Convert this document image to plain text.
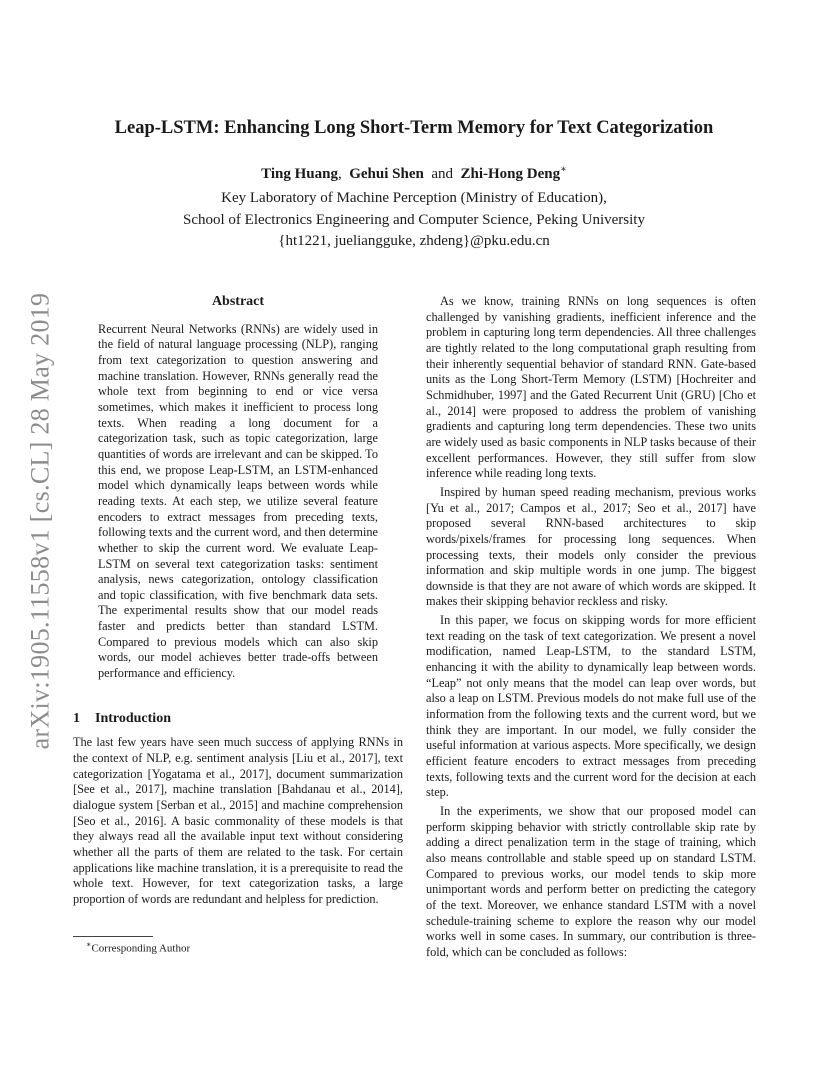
arXiv:1905.11558v1 [cs.CL] 28 May 2019
Leap-LSTM: Enhancing Long Short-Term Memory for Text Categorization
Ting Huang, Gehui Shen and Zhi-Hong Deng∗
Key Laboratory of Machine Perception (Ministry of Education),
School of Electronics Engineering and Computer Science, Peking University
{ht1221, juelianggukе, zhdeng}@pku.edu.cn
Abstract

Recurrent Neural Networks (RNNs) are widely used in the field of natural language processing (NLP), ranging from text categorization to question answering and machine translation. However, RNNs generally read the whole text from beginning to end or vice versa sometimes, which makes it inefficient to process long texts. When reading a long document for a categorization task, such as topic categorization, large quantities of words are irrelevant and can be skipped. To this end, we propose Leap-LSTM, an LSTM-enhanced model which dynamically leaps between words while reading texts. At each step, we utilize several feature encoders to extract messages from preceding texts, following texts and the current word, and then determine whether to skip the current word. We evaluate Leap-LSTM on several text categorization tasks: sentiment analysis, news categorization, ontology classification and topic classification, with five benchmark data sets. The experimental results show that our model reads faster and predicts better than standard LSTM. Compared to previous models which can also skip words, our model achieves better trade-offs between performance and efficiency.

1 Introduction

The last few years have seen much success of applying RNNs in the context of NLP, e.g. sentiment analysis [Liu et al., 2017], text categorization [Yogatama et al., 2017], document summarization [See et al., 2017], machine translation [Bahdanau et al., 2014], dialogue system [Serban et al., 2015] and machine comprehension [Seo et al., 2016]. A basic commonality of these models is that they always read all the available input text without considering whether all the parts of them are related to the task. For certain applications like machine translation, it is a prerequisite to read the whole text. However, for text categorization tasks, a large proportion of words are redundant and helpless for prediction.

As we know, training RNNs on long sequences is often challenged by vanishing gradients, inefficient inference and the problem in capturing long term dependencies. All three challenges are tightly related to the long computational graph resulting from their inherently sequential behavior of standard RNN. Gate-based units as the Long Short-Term Memory (LSTM) [Hochreiter and Schmidhuber, 1997] and the Gated Recurrent Unit (GRU) [Cho et al., 2014] were proposed to address the problem of vanishing gradients and capturing long term dependencies. These two units are widely used as basic components in NLP tasks because of their excellent performances. However, they still suffer from slow inference while reading long texts.

Inspired by human speed reading mechanism, previous works [Yu et al., 2017; Campos et al., 2017; Seo et al., 2017] have proposed several RNN-based architectures to skip words/pixels/frames for processing long sequences. When processing texts, their models only consider the previous information and skip multiple words in one jump. The biggest downside is that they are not aware of which words are skipped. It makes their skipping behavior reckless and risky.

In this paper, we focus on skipping words for more efficient text reading on the task of text categorization. We present a novel modification, named Leap-LSTM, to the standard LSTM, enhancing it with the ability to dynamically leap between words. “Leap” not only means that the model can leap over words, but also a leap on LSTM. Previous models do not make full use of the information from the following texts and the current word, but we think they are important. In our model, we fully consider the useful information at various aspects. More specifically, we design efficient feature encoders to extract messages from preceding texts, following texts and the current word for the decision at each step.

In the experiments, we show that our proposed model can perform skipping behavior with strictly controllable skip rate by adding a direct penalization term in the stage of training, which also means controllable and stable speed up on standard LSTM. Compared to previous works, our model tends to skip more unimportant words and perform better on predicting the category of the text. Moreover, we enhance standard LSTM with a novel schedule-training scheme to explore the reason why our model works well in some cases. In summary, our contribution is three-fold, which can be concluded as follows:

∗Corresponding Author
